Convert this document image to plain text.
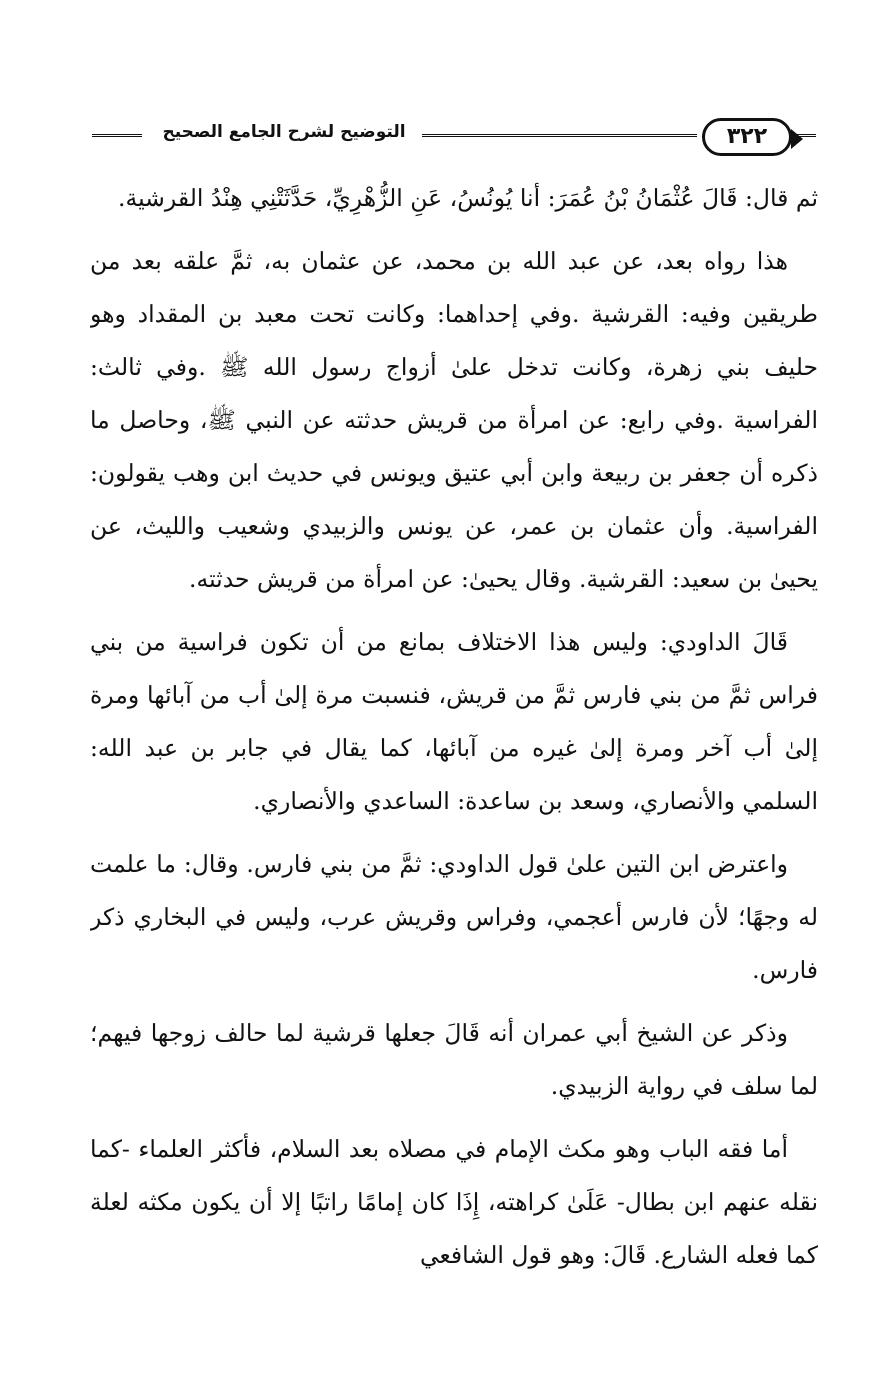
التوضيح لشرح الجامع الصحيح	٣٢٢

ثم قال: قَالَ عُثْمَانُ بْنُ عُمَرَ: أنا يُونُسُ، عَنِ الزُّهْرِيِّ، حَدَّثَتْنِي هِنْدُ القرشية.

هذا رواه بعد، عن عبد الله بن محمد، عن عثمان به، ثمَّ علقه بعد من طريقين وفيه: القرشية .وفي إحداهما: وكانت تحت معبد بن المقداد وهو حليف بني زهرة، وكانت تدخل علىٰ أزواج رسول الله ﷺ .وفي ثالث: الفراسية .وفي رابع: عن امرأة من قريش حدثته عن النبي ﷺ، وحاصل ما ذكره أن جعفر بن ربيعة وابن أبي عتيق ويونس في حديث ابن وهب يقولون: الفراسية. وأن عثمان بن عمر، عن يونس والزبيدي وشعيب والليث، عن يحيىٰ بن سعيد: القرشية. وقال يحيىٰ: عن امرأة من قريش حدثته.

قَالَ الداودي: وليس هذا الاختلاف بمانع من أن تكون فراسية من بني فراس ثمَّ من بني فارس ثمَّ من قريش، فنسبت مرة إلىٰ أب من آبائها ومرة إلىٰ أب آخر ومرة إلىٰ غيره من آبائها، كما يقال في جابر بن عبد الله: السلمي والأنصاري، وسعد بن ساعدة: الساعدي والأنصاري.

واعترض ابن التين علىٰ قول الداودي: ثمَّ من بني فارس. وقال: ما علمت له وجهًا؛ لأن فارس أعجمي، وفراس وقريش عرب، وليس في البخاري ذكر فارس.

وذكر عن الشيخ أبي عمران أنه قَالَ جعلها قرشية لما حالف زوجها فيهم؛ لما سلف في رواية الزبيدي.

أما فقه الباب وهو مكث الإمام في مصلاه بعد السلام، فأكثر العلماء -كما نقله عنهم ابن بطال- عَلَىٰ كراهته، إِذَا كان إمامًا راتبًا إلا أن يكون مكثه لعلة كما فعله الشارع. قَالَ: وهو قول الشافعي
